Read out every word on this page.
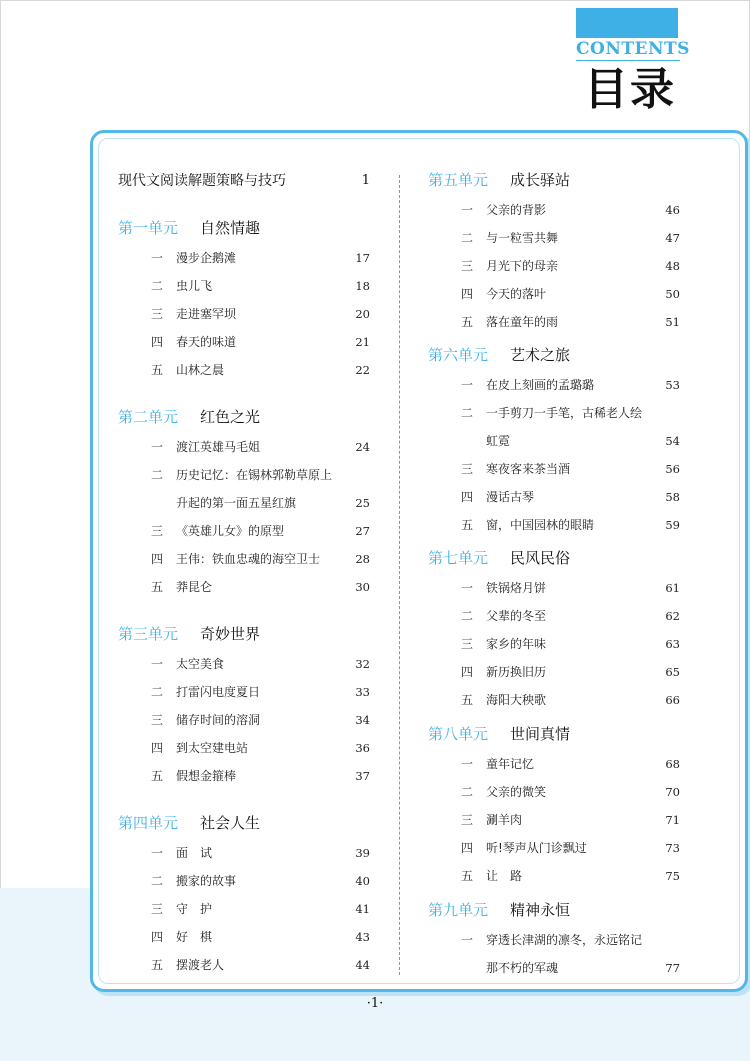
CONTENTS
目录
现代文阅读解题策略与技巧	1
第一单元 自然情趣
一 漫步企鹅滩	17
二 虫儿飞	18
三 走进塞罕坝	20
四 春天的味道	21
五 山林之晨	22
第二单元 红色之光
一 渡江英雄马毛姐	24
二 历史记忆：在锡林郭勒草原上
升起的第一面五星红旗	25
三 《英雄儿女》的原型	27
四 王伟：铁血忠魂的海空卫士	28
五 莽昆仑	30
第三单元 奇妙世界
一 太空美食	32
二 打雷闪电度夏日	33
三 储存时间的溶洞	34
四 到太空建电站	36
五 假想金箍棒	37
第四单元 社会人生
一 面　试	39
二 搬家的故事	40
三 守　护	41
四 好　棋	43
五 摆渡老人	44
第五单元 成长驿站
一 父亲的背影	46
二 与一粒雪共舞	47
三 月光下的母亲	48
四 今天的落叶	50
五 落在童年的雨	51
第六单元 艺术之旅
一 在皮上刻画的孟璐璐	53
二 一手剪刀一手笔，古稀老人绘
虹霓	54
三 寒夜客来茶当酒	56
四 漫话古琴	58
五 窗，中国园林的眼睛	59
第七单元 民风民俗
一 铁锅烙月饼	61
二 父辈的冬至	62
三 家乡的年味	63
四 新历换旧历	65
五 海阳大秧歌	66
第八单元 世间真情
一 童年记忆	68
二 父亲的微笑	70
三 涮羊肉	71
四 听!琴声从门诊飘过	73
五 让　路	75
第九单元 精神永恒
一 穿透长津湖的凛冬，永远铭记
那不朽的军魂	77
·1·
